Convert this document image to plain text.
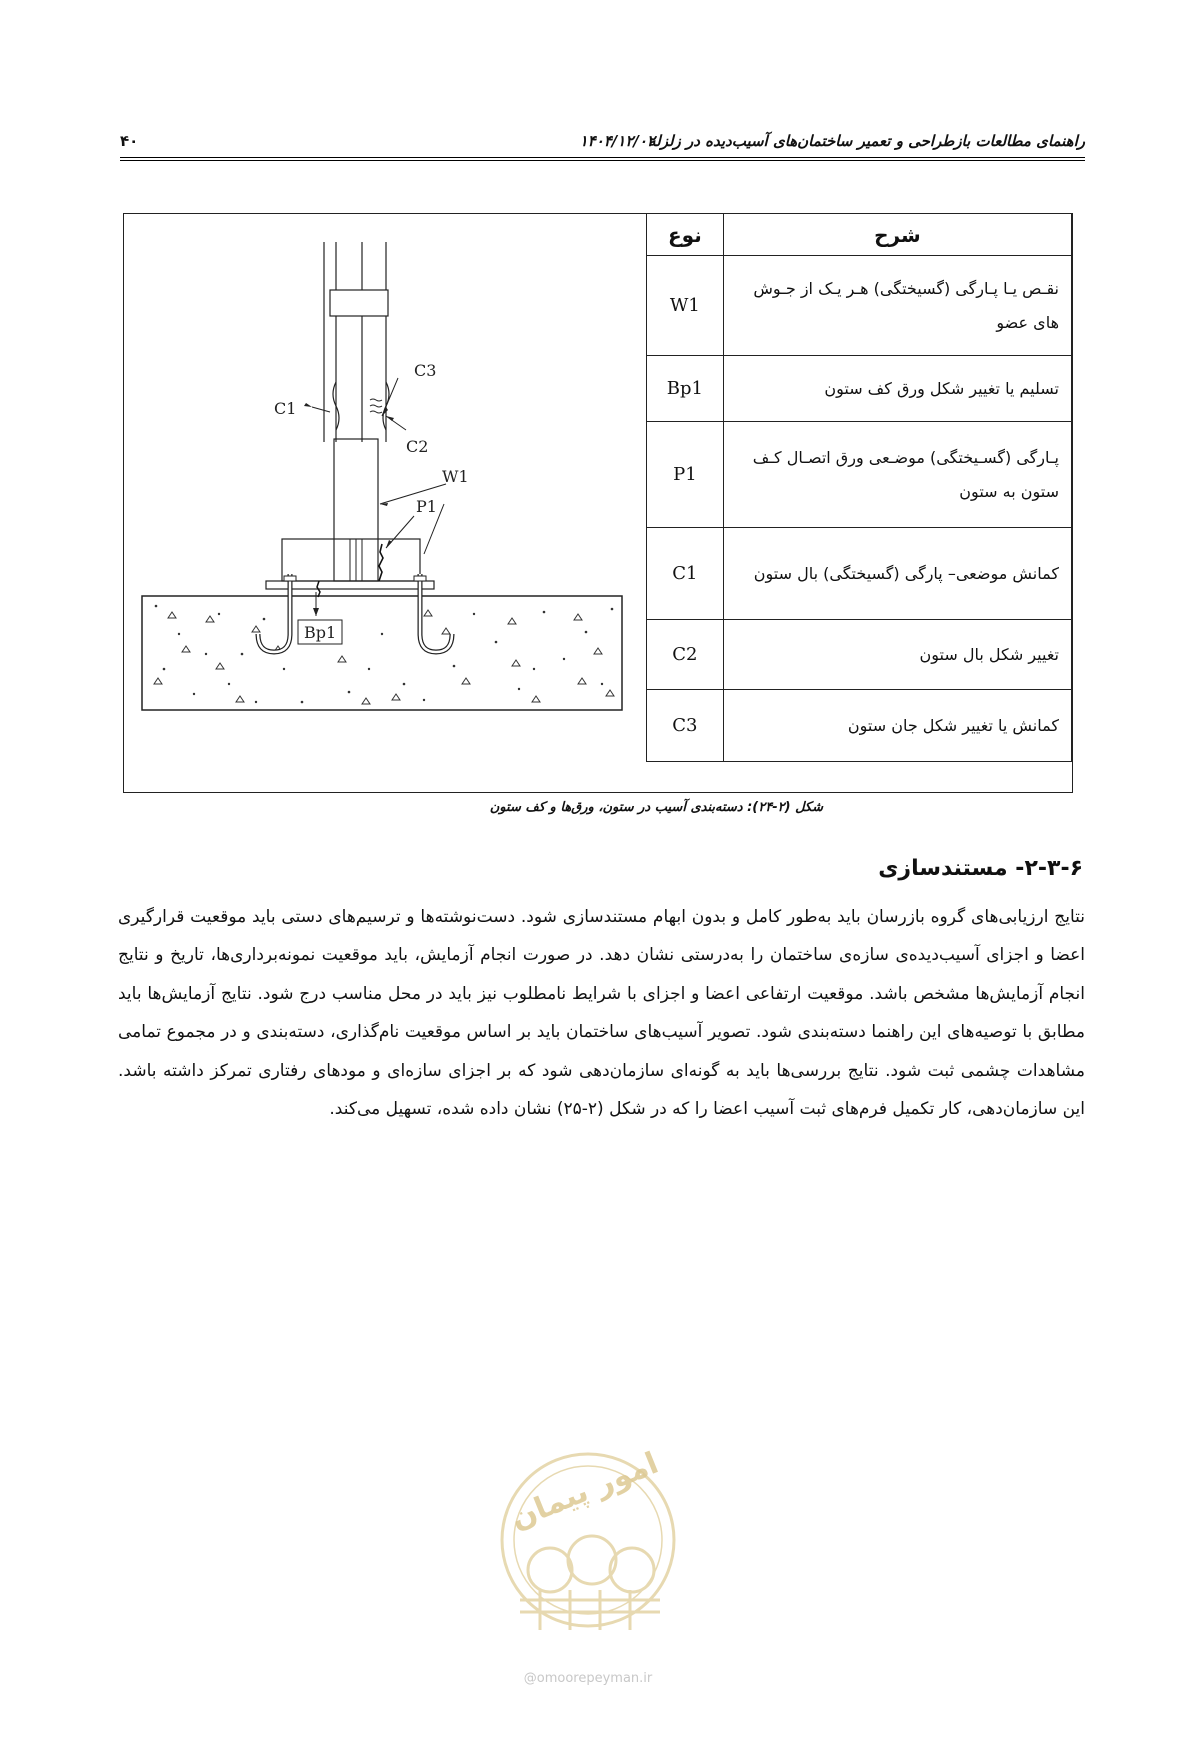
راهنمای مطالعات بازطراحی و تعمیر ساختمان‌های آسیب‌دیده در زلزله
۱۴۰۴/۱۲/۰۲
۴۰
C3
C1
C2
W1
P1
Bp1
شرح	نوع
نقـص یـا پـارگی (گسیختگی) هـر یـک از جـوش های عضو	W1
تسلیم یا تغییر شکل ورق کف ستون	Bp1
پـارگی (گسـیختگی) موضـعی ورق اتصـال کـف ستون به ستون	P1
کمانش موضعی– پارگی (گسیختگی) بال ستون	C1
تغییر شکل بال ستون	C2
کمانش یا تغییر شکل جان ستون	C3
شکل (۲-۲۴): دسته‌بندی آسیب در ستون، ورق‌ها و کف ستون
۲-۳-۶- مستندسازی
نتایج ارزیابی‌های گروه بازرسان باید به‌طور کامل و بدون ابهام مستندسازی شود. دست‌نوشته‌ها و ترسیم‌های دستی باید موقعیت قرارگیری اعضا و اجزای آسیب‌دیده‌ی سازه‌ی ساختمان را به‌درستی نشان دهد. در صورت انجام آزمایش، باید موقعیت نمونه‌برداری‌ها، تاریخ و نتایج انجام آزمایش‌ها مشخص باشد. موقعیت ارتفاعی اعضا و اجزای با شرایط نامطلوب نیز باید در محل مناسب درج شود. نتایج آزمایش‌ها باید مطابق با توصیه‌های این راهنما دسته‌بندی شود. تصویر آسیب‌های ساختمان باید بر اساس موقعیت نام‌گذاری، دسته‌بندی و در مجموع تمامی مشاهدات چشمی ثبت شود. نتایج بررسی‌ها باید به گونه‌ای سازمان‌دهی شود که بر اجزای سازه‌ای و مودهای رفتاری تمرکز داشته باشد. این سازمان‌دهی، کار تکمیل فرم‌های ثبت آسیب اعضا را که در شکل (۲-۲۵) نشان داده شده، تسهیل می‌کند.
امور پیمان
@omoorepeyman.ir
